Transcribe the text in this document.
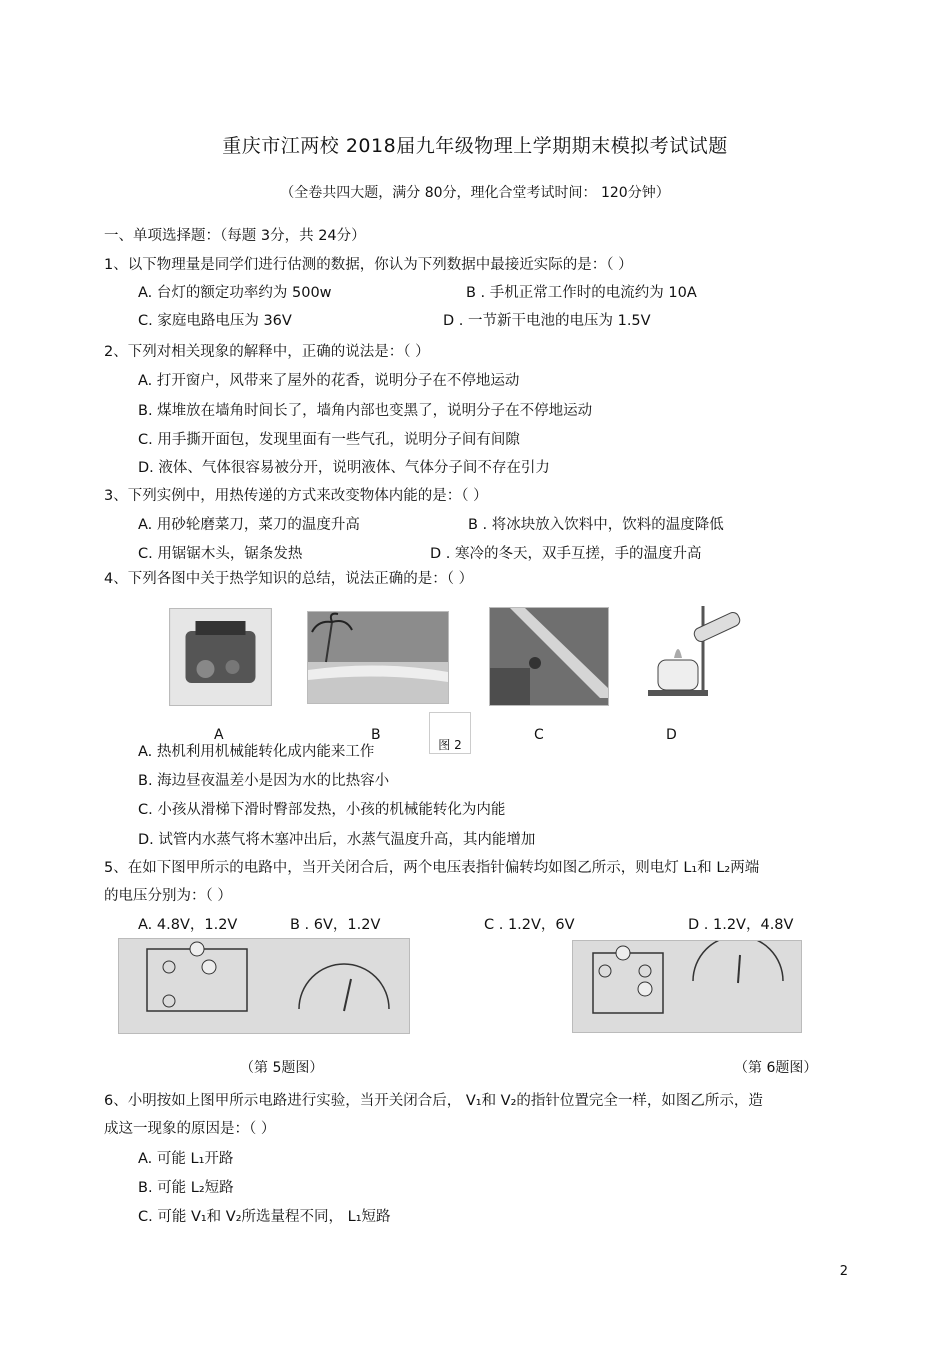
重庆市江两校 2018届九年级物理上学期期末模拟考试试题
（全卷共四大题，满分 80分，理化合堂考试时间： 120分钟）
一、单项选择题：（每题 3分，共 24分）
1、以下物理量是同学们进行估测的数据，你认为下列数据中最接近实际的是：（ ）
A. 台灯的额定功率约为 500w	B . 手机正常工作时的电流约为 10A
C. 家庭电路电压为 36V	D . 一节新干电池的电压为 1.5V
2、下列对相关现象的解释中，正确的说法是：（ ）
A. 打开窗户，风带来了屋外的花香，说明分子在不停地运动
B. 煤堆放在墙角时间长了，墙角内部也变黑了，说明分子在不停地运动
C. 用手撕开面包，发现里面有一些气孔，说明分子间有间隙
D. 液体、气体很容易被分开，说明液体、气体分子间不存在引力
3、下列实例中，用热传递的方式来改变物体内能的是：（ ）
A. 用砂轮磨菜刀，菜刀的温度升高	B . 将冰块放入饮料中，饮料的温度降低
C. 用锯锯木头，锯条发热	D . 寒冷的冬天，双手互搓，手的温度升高
4、下列各图中关于热学知识的总结，说法正确的是：（ ）
A	B	C	D
图 2
A. 热机利用机械能转化成内能来工作
B. 海边昼夜温差小是因为水的比热容小
C. 小孩从滑梯下滑时臀部发热，小孩的机械能转化为内能
D. 试管内水蒸气将木塞冲出后，水蒸气温度升高，其内能增加
5、在如下图甲所示的电路中，当开关闭合后，两个电压表指针偏转均如图乙所示，则电灯 L₁和 L₂两端
的电压分别为：（ ）
A. 4.8V，1.2V	B . 6V，1.2V	C . 1.2V，6V	D . 1.2V，4.8V
（第 5题图）	（第 6题图）
6、小明按如上图甲所示电路进行实验，当开关闭合后， V₁和 V₂的指针位置完全一样，如图乙所示，造
成这一现象的原因是：（ ）
A. 可能 L₁开路
B. 可能 L₂短路
C. 可能 V₁和 V₂所选量程不同， L₁短路
2
